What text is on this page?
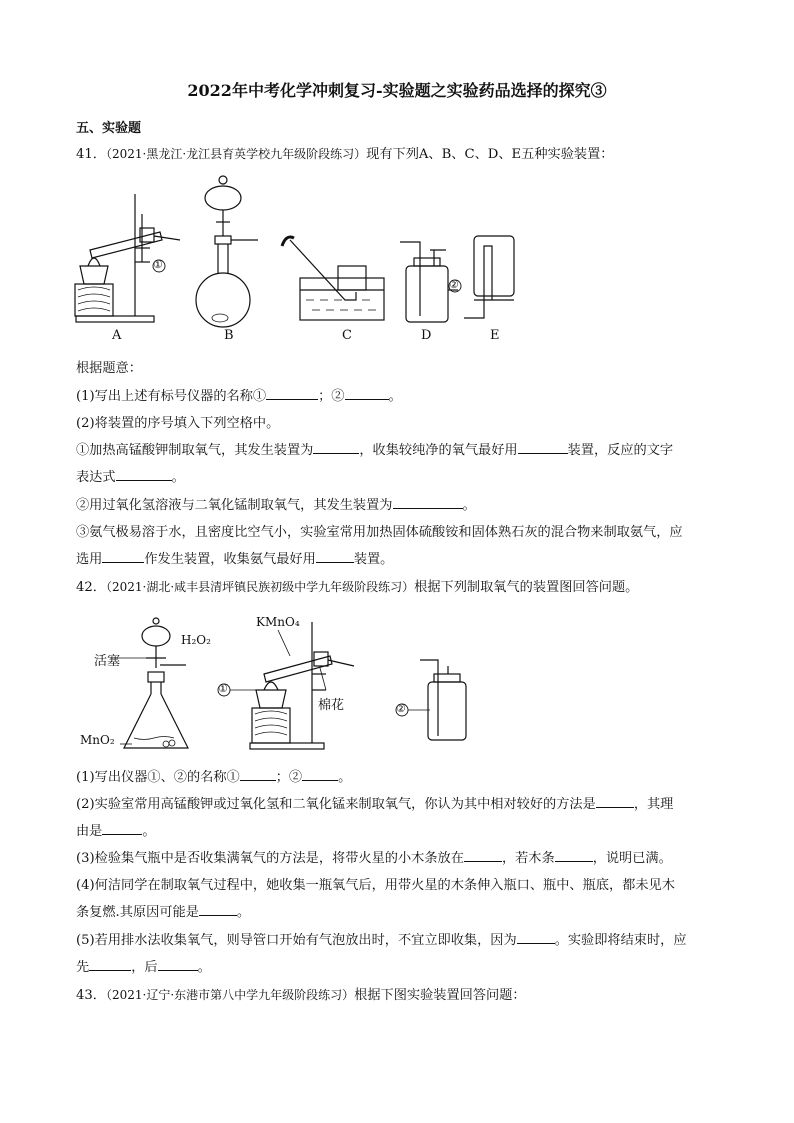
2022年中考化学冲刺复习-实验题之实验药品选择的探究③
五、实验题
41．（2021·黑龙江·龙江县育英学校九年级阶段练习）现有下列A、B、C、D、E五种实验装置：
①
②
A	B	C	D	E
根据题意：
(1)写出上述有标号仪器的名称①	；②	。
(2)将装置的序号填入下列空格中。
①加热高锰酸钾制取氧气，其发生装置为	，收集较纯净的氧气最好用	装置，反应的文字
表达式	。
②用过氧化氢溶液与二氧化锰制取氧气，其发生装置为	。
③氨气极易溶于水，且密度比空气小，实验室常用加热固体硫酸铵和固体熟石灰的混合物来制取氨气，应
选用	作发生装置，收集氨气最好用	装置。
42．（2021·湖北·咸丰县清坪镇民族初级中学九年级阶段练习）根据下列制取氧气的装置图回答问题。
H₂O₂
活塞
MnO₂
KMnO₄
棉花
①
②
(1)写出仪器①、②的名称①	；②	。
(2)实验室常用高锰酸钾或过氧化氢和二氧化锰来制取氧气，你认为其中相对较好的方法是	，其理
由是	。
(3)检验集气瓶中是否收集满氧气的方法是，将带火星的小木条放在	，若木条	，说明已满。
(4)何洁同学在制取氧气过程中，她收集一瓶氧气后，用带火星的木条伸入瓶口、瓶中、瓶底，都未见木
条复燃.其原因可能是	。
(5)若用排水法收集氧气，则导管口开始有气泡放出时，不宜立即收集，因为	。实验即将结束时，应
先	，后	。
43．（2021·辽宁·东港市第八中学九年级阶段练习）根据下图实验装置回答问题：
